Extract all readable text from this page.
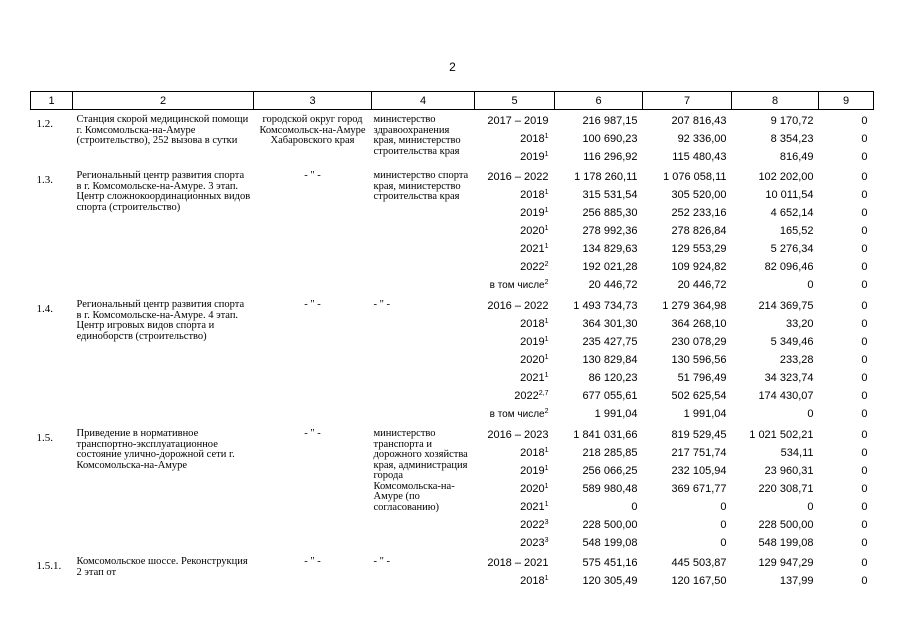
2
1	2	3	4	5	6	7	8	9
1.2.	Станция скорой медицинской помощи г. Комсомольска-на-Амуре (строительство), 252 вызова в сутки	городской округ город Комсомольск-на-Амуре Хабаровского края	министерство здравоохранения края, министерство строительства края	2017 – 2019	216 987,15	207 816,43	9 170,72	0
				2018$^1$	100 690,23	92 336,00	8 354,23	0
				2019$^1$	116 296,92	115 480,43	816,49	0
1.3.	Региональный центр развития спорта в г. Комсомольске-на-Амуре. 3 этап. Центр сложнокоординационных видов спорта (строительство)	- " -	министерство спорта края, министерство строительства края	2016 – 2022	1 178 260,11	1 076 058,11	102 202,00	0
				2018$^1$	315 531,54	305 520,00	10 011,54	0
				2019$^1$	256 885,30	252 233,16	4 652,14	0
				2020$^1$	278 992,36	278 826,84	165,52	0
				2021$^1$	134 829,63	129 553,29	5 276,34	0
				2022$^2$	192 021,28	109 924,82	82 096,46	0
				в том числе$^2$	20 446,72	20 446,72	0	0
1.4.	Региональный центр развития спорта в г. Комсомольске-на-Амуре. 4 этап. Центр игровых видов спорта и единоборств (строительство)	- " -	- " -	2016 – 2022	1 493 734,73	1 279 364,98	214 369,75	0
				2018$^1$	364 301,30	364 268,10	33,20	0
				2019$^1$	235 427,75	230 078,29	5 349,46	0
				2020$^1$	130 829,84	130 596,56	233,28	0
				2021$^1$	86 120,23	51 796,49	34 323,74	0
				2022$^{2,7}$	677 055,61	502 625,54	174 430,07	0
				в том числе$^2$	1 991,04	1 991,04	0	0
1.5.	Приведение в нормативное транспортно-эксплуатационное состояние улично-дорожной сети г. Комсомольска-на-Амуре	- " -	министерство транспорта и дорожного хозяйства края, администрация города Комсомольска-на-Амуре (по согласованию)	2016 – 2023	1 841 031,66	819 529,45	1 021 502,21	0
				2018$^1$	218 285,85	217 751,74	534,11	0
				2019$^1$	256 066,25	232 105,94	23 960,31	0
				2020$^1$	589 980,48	369 671,77	220 308,71	0
				2021$^1$	0	0	0	0
				2022$^3$	228 500,00	0	228 500,00	0
				2023$^3$	548 199,08	0	548 199,08	0
1.5.1.	Комсомольское шоссе. Реконструкция 2 этап от	- " -	- " -	2018 – 2021	575 451,16	445 503,87	129 947,29	0
				2018$^1$	120 305,49	120 167,50	137,99	0
